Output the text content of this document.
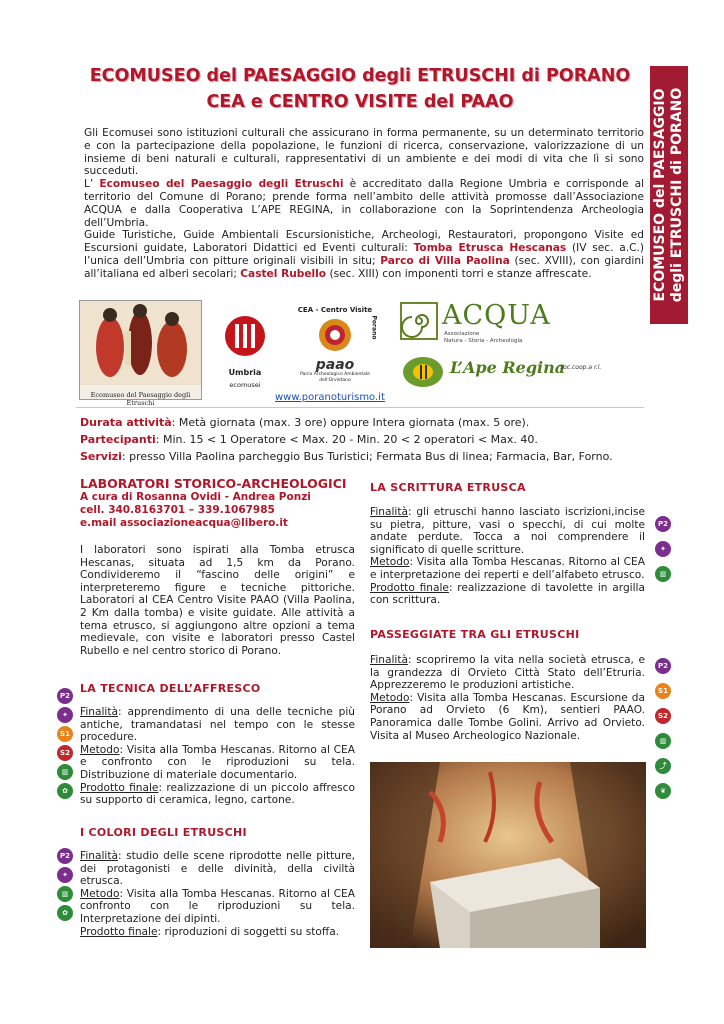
ECOMUSEO del PAESAGGIO degli ETRUSCHI di PORANO
CEA e CENTRO VISITE del PAAO	ECOMUSEO del PAESAGGIO degli ETRUSCHI di PORANO

Gli Ecomusei sono istituzioni culturali che assicurano in forma permanente, su un determinato territorio e con la partecipazione della popolazione, le funzioni di ricerca, conservazione, valorizzazione di un insieme di beni naturali e culturali, rappresentativi di un ambiente e dei modi di vita che lì si sono succeduti.

L’ Ecomuseo del Paesaggio degli Etruschi è accreditato dalla Regione Umbria e corrisponde al territorio del Comune di Porano; prende forma nell’ambito delle attività promosse dall’Associazione ACQUA e dalla Cooperativa L’APE REGINA, in collaborazione con la Soprintendenza Archeologia dell’Umbria.

Guide Turistiche, Guide Ambientali Escursionistiche, Archeologi, Restauratori, propongono Visite ed Escursioni guidate, Laboratori Didattici ed Eventi culturali: Tomba Etrusca Hescanas (IV sec. a.C.) l’unica dell’Umbria con pitture originali visibili in situ; Parco di Villa Paolina (sec. XVIII), con giardini all’italiana ed alberi secolari; Castel Rubello (sec. XIII) con imponenti torri e stanze affrescate.

Ecomuseo del Paesaggio degli Etruschi
Umbria
ecomusei
CEA - Centro Visite
Porano
paao
Parco Archeologico Ambientale dell'Orvietano
ACQUA
Associazione
Natura - Storia - Archeologia
L’Ape Regina
soc.coop.a r.l.
www.poranoturismo.it
Durata attività: Metà giornata (max. 3 ore) oppure Intera giornata (max. 5 ore).
Partecipanti: Min. 15 < 1 Operatore < Max. 20 - Min. 20 < 2 operatori < Max. 40.
Servizi: presso Villa Paolina parcheggio Bus Turistici; Fermata Bus di linea; Farmacia, Bar, Forno.
LABORATORI STORICO-ARCHEOLOGICI
A cura di Rosanna Ovidi - Andrea Ponzi
cell. 340.8163701 – 339.1067985
e.mail associazioneacqua@libero.it
I laboratori sono ispirati alla Tomba etrusca Hescanas, situata ad 1,5 km da Porano. Condivideremo il “fascino delle origini” e interpreteremo figure e tecniche pittoriche. Laboratori al CEA Centro Visite PAAO (Villa Paolina, 2 Km dalla tomba) e visite guidate. Alle attività a tema etrusco, si aggiungono altre opzioni a tema medievale, con visite e laboratori presso Castel Rubello e nel centro storico di Porano.
LA TECNICA DELL’AFFRESCO

Finalità: apprendimento di una delle tecniche più antiche, tramandatasi nel tempo con le stesse procedure.

Metodo: Visita alla Tomba Hescanas. Ritorno al CEA e confronto con le riproduzioni su tela. Distribuzione di materiale documentario.

Prodotto finale: realizzazione di un piccolo affresco su supporto di ceramica, legno, cartone.

I COLORI DEGLI ETRUSCHI

Finalità: studio delle scene riprodotte nelle pitture, dei protagonisti e delle divinità, della civiltà etrusca.

Metodo: Visita alla Tomba Hescanas. Ritorno al CEA confronto con le riproduzioni su tela. Interpretazione dei dipinti.

Prodotto finale: riproduzioni di soggetti su stoffa.

P2
✦
S1
S2
▥
✿
P2
✦
▥
✿
LA SCRITTURA ETRUSCA

Finalità: gli etruschi hanno lasciato iscrizioni,incise su pietra, pitture, vasi o specchi, di cui molte andate perdute. Tocca a noi comprendere il significato di quelle scritture.

Metodo: Visita alla Tomba Hescanas. Ritorno al CEA e interpretazione dei reperti e dell’alfabeto etrusco.

Prodotto finale: realizzazione di tavolette in argilla con scrittura.

PASSEGGIATE TRA GLI ETRUSCHI

Finalità: scopriremo la vita nella società etrusca, e la grandezza di Orvieto Città Stato dell’Etruria. Apprezzeremo le produzioni artistiche.

Metodo: Visita alla Tomba Hescanas. Escursione da Porano ad Orvieto (6 Km), sentieri PAAO. Panoramica dalle Tombe Golini. Arrivo ad Orvieto. Visita al Museo Archeologico Nazionale.

P2
✦
▥
P2
S1
S2
▥
⤴
❦
